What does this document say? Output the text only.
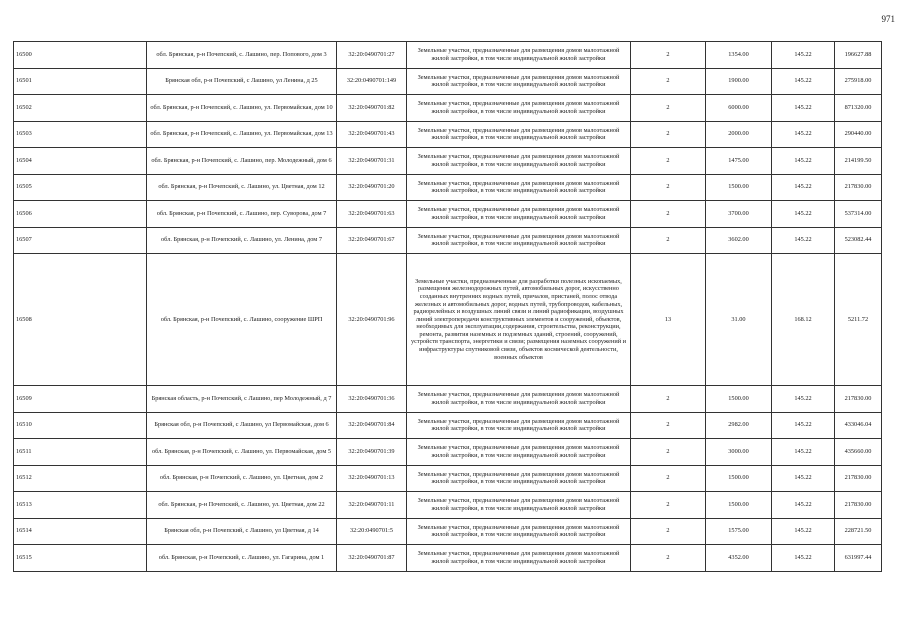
971
16500	обл. Брянская, р-н Почепский, с. Лашино, пер. Попового, дом 3	32:20:0490701:27	Земельные участки, предназначенные для размещения домов малоэтажной жилой застройки, в том числе индивидуальной жилой застройки	2	1354.00	145.22	196627.88
16501	Брянская обл, р-н Почепский, с Лашино, ул Ленина, д 25	32:20:0490701:149	Земельные участки, предназначенные для размещения домов малоэтажной жилой застройки, в том числе индивидуальной жилой застройки	2	1900.00	145.22	275918.00
16502	обл. Брянская, р-н Почепский, с. Лашино, ул. Первомайская, дом 10	32:20:0490701:82	Земельные участки, предназначенные для размещения домов малоэтажной жилой застройки, в том числе индивидуальной жилой застройки	2	6000.00	145.22	871320.00
16503	обл. Брянская, р-н Почепский, с. Лашино, ул. Первомайская, дом 13	32:20:0490701:43	Земельные участки, предназначенные для размещения домов малоэтажной жилой застройки, в том числе индивидуальной жилой застройки	2	2000.00	145.22	290440.00
16504	обл. Брянская, р-н Почепский, с. Лашино, пер. Молодежный, дом 6	32:20:0490701:31	Земельные участки, предназначенные для размещения домов малоэтажной жилой застройки, в том числе индивидуальной жилой застройки	2	1475.00	145.22	214199.50
16505	обл. Брянская, р-н Почепский, с. Лашино, ул. Цветная, дом 12	32:20:0490701:20	Земельные участки, предназначенные для размещения домов малоэтажной жилой застройки, в том числе индивидуальной жилой застройки	2	1500.00	145.22	217830.00
16506	обл. Брянская, р-н Почепский, с. Лашино, пер. Суворова, дом 7	32:20:0490701:63	Земельные участки, предназначенные для размещения домов малоэтажной жилой застройки, в том числе индивидуальной жилой застройки	2	3700.00	145.22	537314.00
16507	обл. Брянская, р-н Почепский, с. Лашино, ул. Ленина, дом 7	32:20:0490701:67	Земельные участки, предназначенные для размещения домов малоэтажной жилой застройки, в том числе индивидуальной жилой застройки	2	3602.00	145.22	523082.44
16508	обл. Брянская, р-н Почепский, с. Лашино, сооружение ШРП	32:20:0490701:96	Земельные участки, предназначенные для разработки полезных ископаемых, размещения железнодорожных путей, автомобильных дорог, искусственно созданных внутренних водных путей, причалов, пристаней, полос отвода железных и автомобильных дорог, водных путей, трубопроводов, кабельных, радиорелейных и воздушных линий связи и линий радиофикации, воздушных линий электропередачи конструктивных элементов и сооружений, объектов, необходимых для эксплуатации,содержания, строительства, реконструкции, ремонта, развития наземных и подземных зданий, строений, сооружений, устройств транспорта, энергетики и связи; размещения наземных сооружений и инфраструктуры спутниковой связи, объектов космической деятельности, военных объектов	13	31.00	168.12	5211.72
16509	Брянская область, р-н Почепский, с Лашино, пер Молодежный, д 7	32:20:0490701:36	Земельные участки, предназначенные для размещения домов малоэтажной жилой застройки, в том числе индивидуальной жилой застройки	2	1500.00	145.22	217830.00
16510	Брянская обл, р-н Почепский, с Лашино, ул Первомайская, дом 6	32:20:0490701:84	Земельные участки, предназначенные для размещения домов малоэтажной жилой застройки, в том числе индивидуальной жилой застройки	2	2982.00	145.22	433046.04
16511	обл. Брянская, р-н Почепский, с. Лашино, ул. Первомайская, дом 5	32:20:0490701:39	Земельные участки, предназначенные для размещения домов малоэтажной жилой застройки, в том числе индивидуальной жилой застройки	2	3000.00	145.22	435660.00
16512	обл. Брянская, р-н Почепский, с. Лашино, ул. Цветная, дом 2	32:20:0490701:13	Земельные участки, предназначенные для размещения домов малоэтажной жилой застройки, в том числе индивидуальной жилой застройки	2	1500.00	145.22	217830.00
16513	обл. Брянская, р-н Почепский, с. Лашино, ул. Цветная, дом 22	32:20:0490701:11	Земельные участки, предназначенные для размещения домов малоэтажной жилой застройки, в том числе индивидуальной жилой застройки	2	1500.00	145.22	217830.00
16514	Брянская обл, р-н Почепский, с Лашино, ул Цветная, д 14	32:20:0490701:5	Земельные участки, предназначенные для размещения домов малоэтажной жилой застройки, в том числе индивидуальной жилой застройки	2	1575.00	145.22	228721.50
16515	обл. Брянская, р-н Почепский, с. Лашино, ул. Гагарина, дом 1	32:20:0490701:87	Земельные участки, предназначенные для размещения домов малоэтажной жилой застройки, в том числе индивидуальной жилой застройки	2	4352.00	145.22	631997.44
